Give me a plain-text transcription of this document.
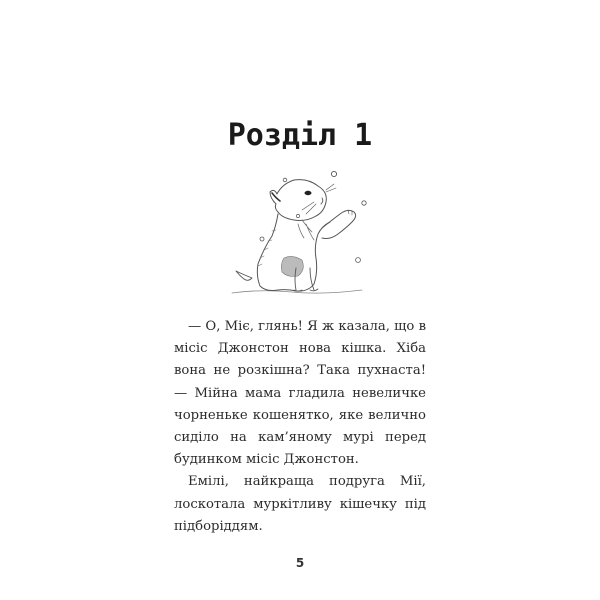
Розділ 1

— О, Міє, глянь! Я ж казала, що в місіс Джонстон нова кішка. Хіба вона не розкішна? Така пухнаста! — Мійна мама гладила невеличке чорненьке кошенятко, яке велично сиділо на кам’яному мурі перед будинком місіс Джонстон.

Емілі, найкраща подруга Мії, лоскотала муркітливу кішечку під підборіддям.

5
